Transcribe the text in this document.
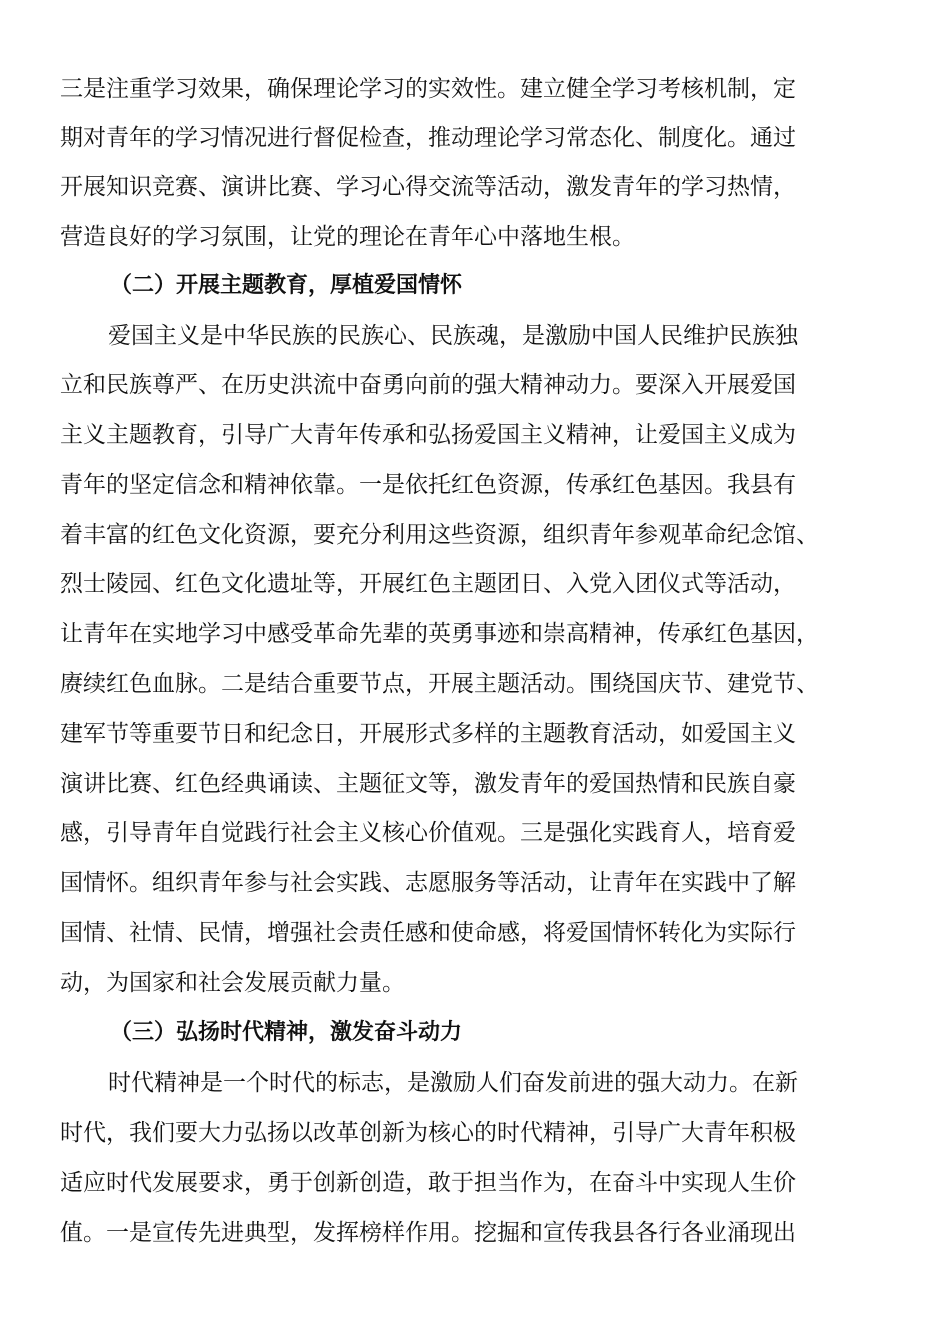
三是注重学习效果，确保理论学习的实效性。建立健全学习考核机制，定
期对青年的学习情况进行督促检查，推动理论学习常态化、制度化。通过
开展知识竞赛、演讲比赛、学习心得交流等活动，激发青年的学习热情，
营造良好的学习氛围，让党的理论在青年心中落地生根。
（二）开展主题教育，厚植爱国情怀
爱国主义是中华民族的民族心、民族魂，是激励中国人民维护民族独
立和民族尊严、在历史洪流中奋勇向前的强大精神动力。要深入开展爱国
主义主题教育，引导广大青年传承和弘扬爱国主义精神，让爱国主义成为
青年的坚定信念和精神依靠。一是依托红色资源，传承红色基因。我县有
着丰富的红色文化资源，要充分利用这些资源，组织青年参观革命纪念馆、
烈士陵园、红色文化遗址等，开展红色主题团日、入党入团仪式等活动，
让青年在实地学习中感受革命先辈的英勇事迹和崇高精神，传承红色基因，
赓续红色血脉。二是结合重要节点，开展主题活动。围绕国庆节、建党节、
建军节等重要节日和纪念日，开展形式多样的主题教育活动，如爱国主义
演讲比赛、红色经典诵读、主题征文等，激发青年的爱国热情和民族自豪
感，引导青年自觉践行社会主义核心价值观。三是强化实践育人，培育爱
国情怀。组织青年参与社会实践、志愿服务等活动，让青年在实践中了解
国情、社情、民情，增强社会责任感和使命感，将爱国情怀转化为实际行
动，为国家和社会发展贡献力量。
（三）弘扬时代精神，激发奋斗动力
时代精神是一个时代的标志，是激励人们奋发前进的强大动力。在新
时代，我们要大力弘扬以改革创新为核心的时代精神，引导广大青年积极
适应时代发展要求，勇于创新创造，敢于担当作为，在奋斗中实现人生价
值。一是宣传先进典型，发挥榜样作用。挖掘和宣传我县各行各业涌现出
